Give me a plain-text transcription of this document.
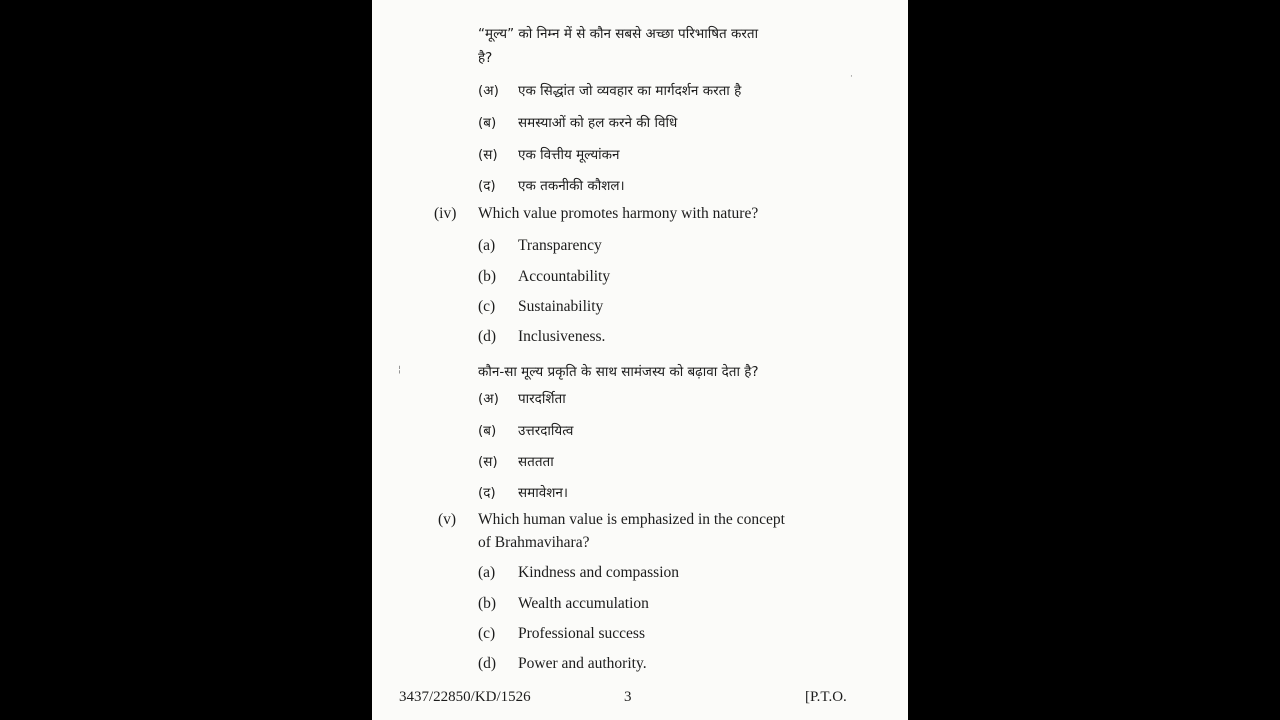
“मूल्य” को निम्न में से कौन सबसे अच्छा परिभाषित करता
है?
(अ) एक सिद्धांत जो व्यवहार का मार्गदर्शन करता है
(ब) समस्याओं को हल करने की विधि
(स) एक वित्तीय मूल्यांकन
(द) एक तकनीकी कौशल।
·
(iv) Which value promotes harmony with nature?
(a) Transparency
(b) Accountability
(c) Sustainability
(d) Inclusiveness.
¦	कौन-सा मूल्य प्रकृति के साथ सामंजस्य को बढ़ावा देता है?
(अ) पारदर्शिता
(ब) उत्तरदायित्व
(स) सततता
(द) समावेशन।
(v) Which human value is emphasized in the concept
of Brahmavihara?
(a) Kindness and compassion
(b) Wealth accumulation
(c) Professional success
(d) Power and authority.
3437/22850/KD/1526	3	[P.T.O.
